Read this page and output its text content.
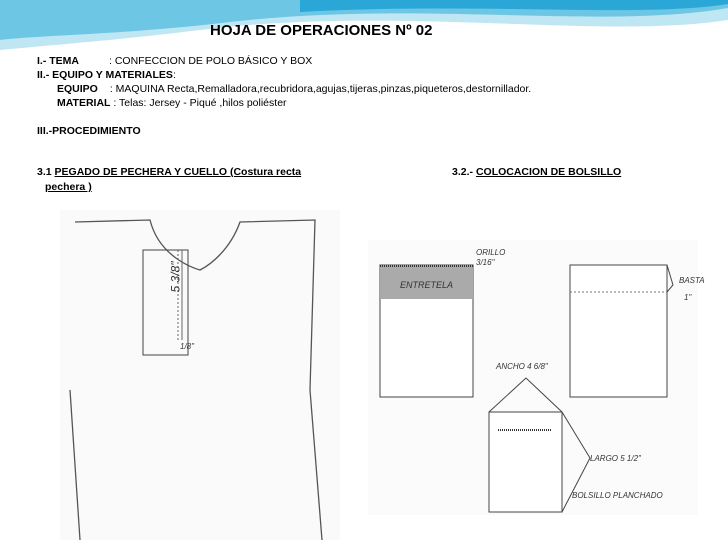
HOJA DE OPERACIONES Nº 02
I.- TEMA	: CONFECCION DE POLO BÁSICO Y BOX
II.- EQUIPO Y MATERIALES:
EQUIPO : MAQUINA Recta,Remalladora,recubridora,agujas,tijeras,pinzas,piqueteros,destornillador.
MATERIAL : Telas: Jersey - Piqué ,hilos poliéster
III.-PROCEDIMIENTO
3.1 PEGADO DE PECHERA Y CUELLO (Costura recta
pechera )
3.2.- COLOCACION DE BOLSILLO
5 3/8"
1/8"
ORILLO
3/16"
ENTRETELA	BASTA
1"
ANCHO 4 6/8"
LARGO 5 1/2"
BOLSILLO PLANCHADO
